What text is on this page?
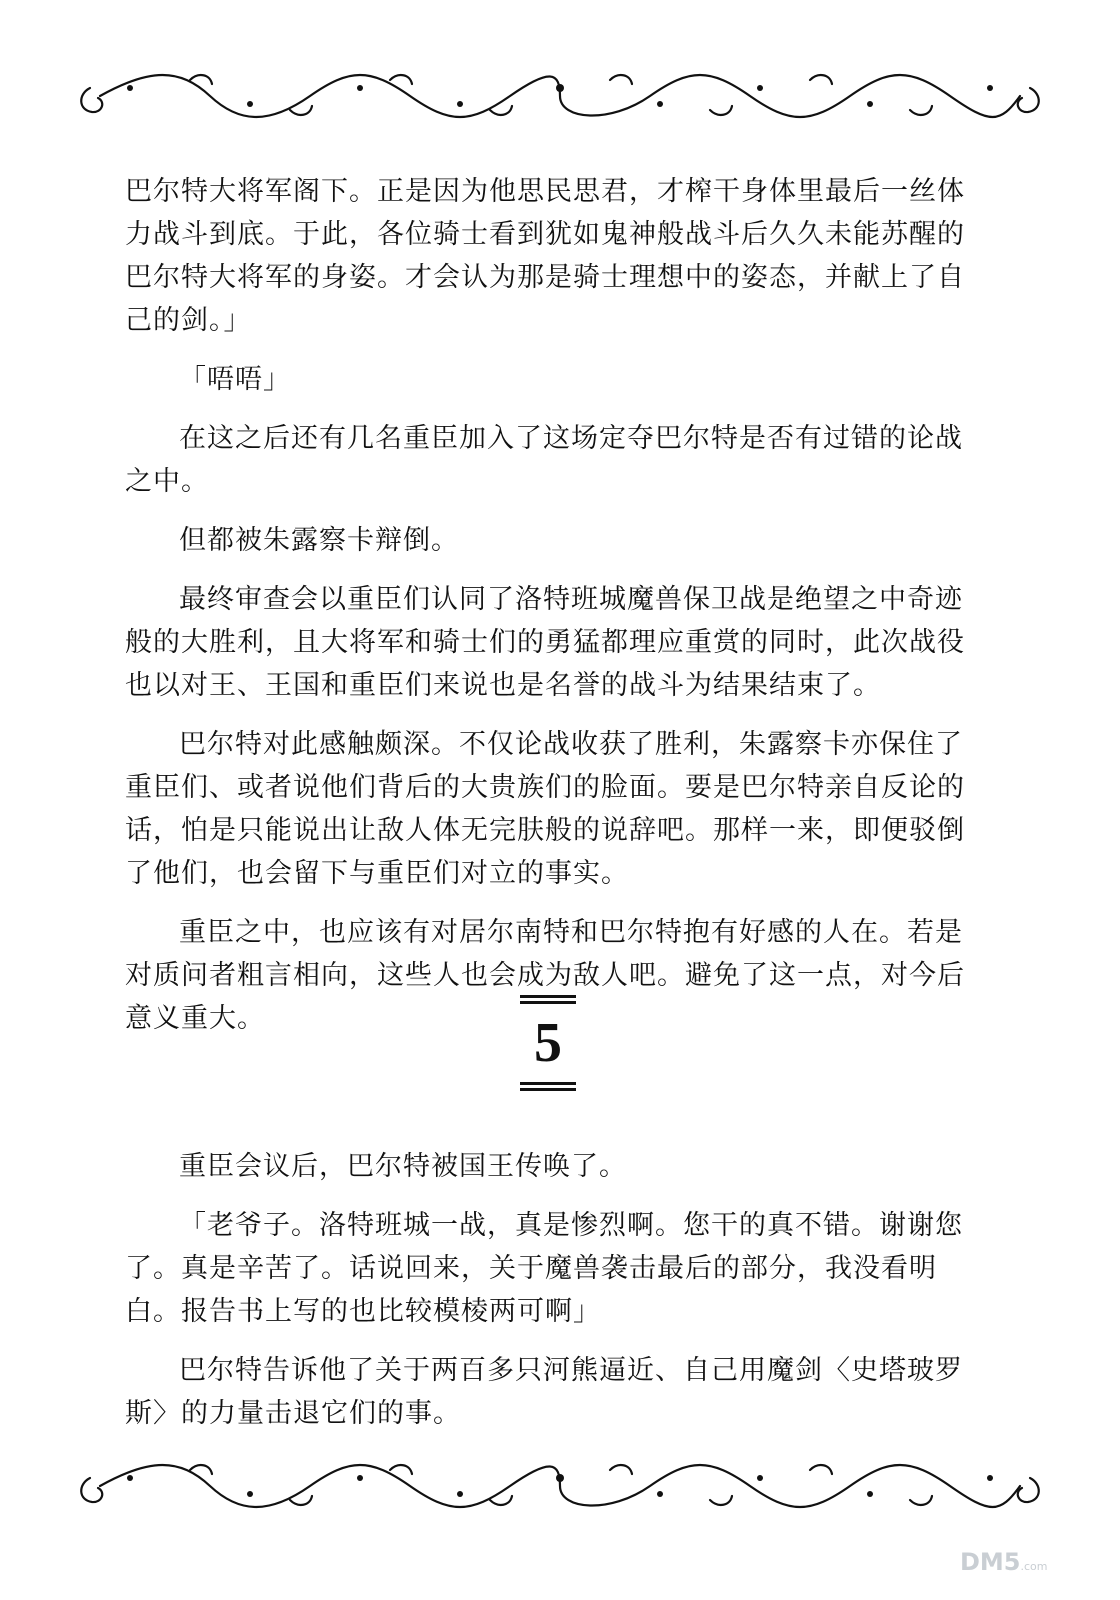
巴尔特大将军阁下。正是因为他思民思君，才榨干身体里最后一丝体力战斗到底。于此，各位骑士看到犹如鬼神般战斗后久久未能苏醒的巴尔特大将军的身姿。才会认为那是骑士理想中的姿态，并献上了自己的剑。」

「唔唔」

在这之后还有几名重臣加入了这场定夺巴尔特是否有过错的论战之中。

但都被朱露察卡辩倒。

最终审查会以重臣们认同了洛特班城魔兽保卫战是绝望之中奇迹般的大胜利，且大将军和骑士们的勇猛都理应重赏的同时，此次战役也以对王、王国和重臣们来说也是名誉的战斗为结果结束了。

巴尔特对此感触颇深。不仅论战收获了胜利，朱露察卡亦保住了重臣们、或者说他们背后的大贵族们的脸面。要是巴尔特亲自反论的话，怕是只能说出让敌人体无完肤般的说辞吧。那样一来，即便驳倒了他们，也会留下与重臣们对立的事实。

重臣之中，也应该有对居尔南特和巴尔特抱有好感的人在。若是对质问者粗言相向，这些人也会成为敌人吧。避免了这一点，对今后意义重大。	5

重臣会议后，巴尔特被国王传唤了。

「老爷子。洛特班城一战，真是惨烈啊。您干的真不错。谢谢您了。真是辛苦了。话说回来，关于魔兽袭击最后的部分，我没看明白。报告书上写的也比较模棱两可啊」

巴尔特告诉他了关于两百多只河熊逼近、自己用魔剑〈史塔玻罗斯〉的力量击退它们的事。

DM5.com
